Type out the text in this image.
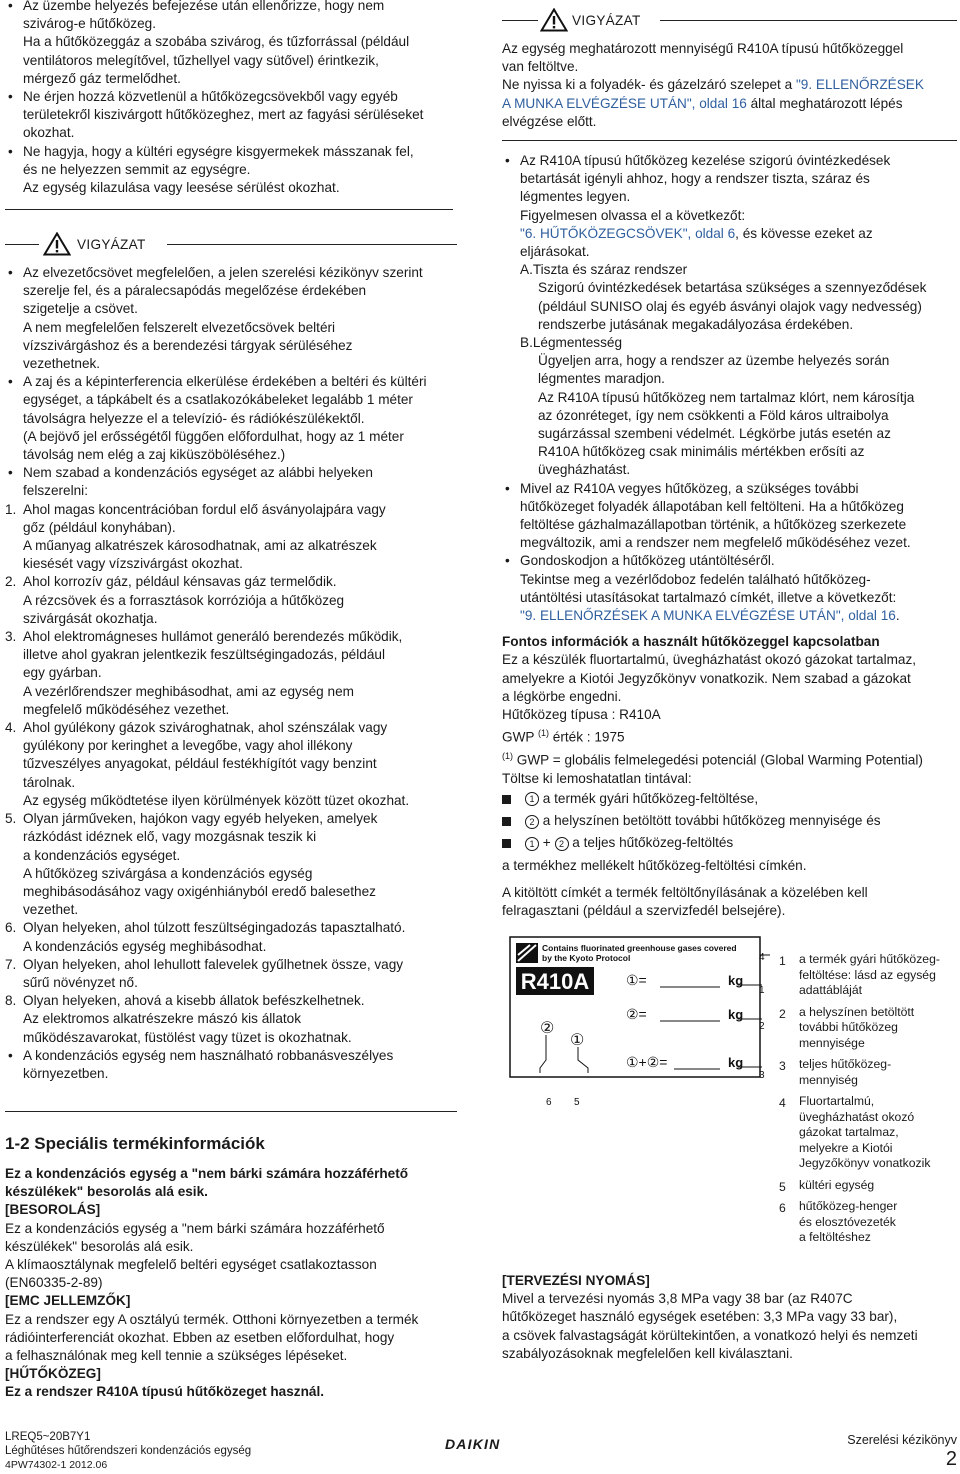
• Az üzembe helyezés befejezése után ellenőrizze, hogy nem

szivárog-e hűtőközeg.

Ha a hűtőközeggáz a szobába szivárog, és tűzforrással (például

ventilátoros melegítővel, tűzhellyel vagy sütővel) érintkezik,

mérgező gáz termelődhet.

• Ne érjen hozzá közvetlenül a hűtőközegcsövekből vagy egyéb

területekről kiszivárgott hűtőközeghez, mert az fagyási sérüléseket

okozhat.

• Ne hagyja, hogy a kültéri egységre kisgyermekek másszanak fel,

és ne helyezzen semmit az egységre.

Az egység kilazulása vagy leesése sérülést okozhat.

VIGYÁZAT

• Az elvezetőcsövet megfelelően, a jelen szerelési kézikönyv szerint

szerelje fel, és a páralecsapódás megelőzése érdekében

szigetelje a csövet.

A nem megfelelően felszerelt elvezetőcsövek beltéri

vízszivárgáshoz és a berendezési tárgyak sérüléséhez

vezethetnek.

• A zaj és a képinterferencia elkerülése érdekében a beltéri és kültéri

egységet, a tápkábelt és a csatlakozókábeleket legalább 1 méter

távolságra helyezze el a televízió- és rádiókészülékektől.

(A bejövő jel erősségétől függően előfordulhat, hogy az 1 méter

távolság nem elég a zaj kiküszöböléséhez.)

• Nem szabad a kondenzációs egységet az alábbi helyeken

felszerelni:

1. Ahol magas koncentrációban fordul elő ásványolajpára vagy

gőz (például konyhában).

A műanyag alkatrészek károsodhatnak, ami az alkatrészek

kiesését vagy vízszivárgást okozhat.

2. Ahol korrozív gáz, például kénsavas gáz termelődik.

A rézcsövek és a forrasztások korróziója a hűtőközeg

szivárgását okozhatja.

3. Ahol elektromágneses hullámot generáló berendezés működik,

illetve ahol gyakran jelentkezik feszültségingadozás, például

egy gyárban.

A vezérlőrendszer meghibásodhat, ami az egység nem

megfelelő működéséhez vezethet.

4. Ahol gyúlékony gázok szivároghatnak, ahol szénszálak vagy

gyúlékony por keringhet a levegőbe, vagy ahol illékony

tűzveszélyes anyagokat, például festékhígítót vagy benzint

tárolnak.

Az egység működtetése ilyen körülmények között tüzet okozhat.

5. Olyan járműveken, hajókon vagy egyéb helyeken, amelyek

rázkódást idéznek elő, vagy mozgásnak teszik ki

a kondenzációs egységet.

A hűtőközeg szivárgása a kondenzációs egység

meghibásodásához vagy oxigénhiányból eredő balesethez

vezethet.

6. Olyan helyeken, ahol túlzott feszültségingadozás tapasztalható.

A kondenzációs egység meghibásodhat.

7. Olyan helyeken, ahol lehullott falevelek gyűlhetnek össze, vagy

sűrű növényzet nő.

8. Olyan helyeken, ahová a kisebb állatok befészkelhetnek.

Az elektromos alkatrészekre mászó kis állatok

működészavarokat, füstölést vagy tüzet is okozhatnak.

• A kondenzációs egység nem használható robbanásveszélyes

környezetben.

1-2 Speciális termékinformációk

Ez a kondenzációs egység a "nem bárki számára hozzáférhető

készülékek" besorolás alá esik.

[BESOROLÁS]

Ez a kondenzációs egység a "nem bárki számára hozzáférhető

készülékek" besorolás alá esik.

A klímaosztálynak megfelelő beltéri egységet csatlakoztasson

(EN60335-2-89)

[EMC JELLEMZŐK]

Ez a rendszer egy A osztályú termék. Otthoni környezetben a termék

rádióinterferenciát okozhat. Ebben az esetben előfordulhat, hogy

a felhasználónak meg kell tennie a szükséges lépéseket.

[HŰTŐKÖZEG]
Ez a rendszer R410A típusú hűtőközeget használ.
VIGYÁZAT

Az egység meghatározott mennyiségű R410A típusú hűtőközeggel

van feltöltve.

Ne nyissa ki a folyadék- és gázelzáró szelepet a "9. ELLENŐRZÉSEK

A MUNKA ELVÉGZÉSE UTÁN", oldal 16 által meghatározott lépés

elvégzése előtt.

• Az R410A típusú hűtőközeg kezelése szigorú óvintézkedések

betartását igényli ahhoz, hogy a rendszer tiszta, száraz és

légmentes legyen.

Figyelmesen olvassa el a következőt:

"6. HŰTŐKÖZEGCSÖVEK", oldal 6, és kövesse ezeket az

eljárásokat.

A.Tiszta és száraz rendszer

Szigorú óvintézkedések betartása szükséges a szennyeződések

(például SUNISO olaj és egyéb ásványi olajok vagy nedvesség)

rendszerbe jutásának megakadályozása érdekében.

B.Légmentesség

Ügyeljen arra, hogy a rendszer az üzembe helyezés során

légmentes maradjon.

Az R410A típusú hűtőközeg nem tartalmaz klórt, nem károsítja

az ózonréteget, így nem csökkenti a Föld káros ultraibolya

sugárzással szembeni védelmét. Légkörbe jutás esetén az

R410A hűtőközeg csak minimális mértékben erősíti az

üvegházhatást.

• Mivel az R410A vegyes hűtőközeg, a szükséges további

hűtőközeget folyadék állapotában kell feltölteni. Ha a hűtőközeg

feltöltése gázhalmazállapotban történik, a hűtőközeg szerkezete

megváltozik, ami a rendszer nem megfelelő működéséhez vezet.

• Gondoskodjon a hűtőközeg utántöltéséről.

Tekintse meg a vezérlődoboz fedelén található hűtőközeg-

utántöltési utasításokat tartalmazó címkét, illetve a következőt:

"9. ELLENŐRZÉSEK A MUNKA ELVÉGZÉSE UTÁN", oldal 16.

Fontos információk a használt hűtőközeggel kapcsolatban

Ez a készülék fluortartalmú, üvegházhatást okozó gázokat tartalmaz,

amelyekre a Kiotói Jegyzőkönyv vonatkozik. Nem szabad a gázokat

a légkörbe engedni.

Hűtőközeg típusa : R410A

GWP $^{(1)}$ érték : 1975

$^{(1)}$ GWP = globális felmelegedési potenciál (Global Warming Potential)

Töltse ki lemoshatatlan tintával:

1 a termék gyári hűtőközeg-feltöltése,

2 a helyszínen betöltött további hűtőközeg mennyisége és

1 + 2 a teljes hűtőközeg-feltöltés

a termékhez mellékelt hűtőközeg-feltöltési címkén.

A kitöltött címkét a termék feltöltőnyílásának a közelében kell

felragasztani (például a szervizfedél belsejére).

Contains fluorinated greenhouse gases covered
by the Kyoto Protocol
R410A	①=	kg
②=	kg
①+②=	kg
②
①
4
1
2
3
6 5
1 a termék gyári hűtőközeg-

feltöltése: lásd az egység

adattábláját

2 a helyszínen betöltött

további hűtőközeg

mennyisége

3 teljes hűtőközeg-

mennyiség

4 Fluortartalmú,

üvegházhatást okozó

gázokat tartalmaz,

melyekre a Kiotói

Jegyzőkönyv vonatkozik

5 kültéri egység

6 hűtőközeg-henger

és elosztóvezeték

a feltöltéshez

[TERVEZÉSI NYOMÁS]

Mivel a tervezési nyomás 3,8 MPa vagy 38 bar (az R407C

hűtőközeget használó egységek esetében: 3,3 MPa vagy 33 bar),

a csövek falvastagságát körültekintően, a vonatkozó helyi és nemzeti

szabályozásoknak megfelelően kell kiválasztani.

LREQ5~20B7Y1
Léghűtéses hűtőrendszeri kondenzációs egység
4PW74302-1 2012.06
DAIKIN	Szerelési kézikönyv
2
